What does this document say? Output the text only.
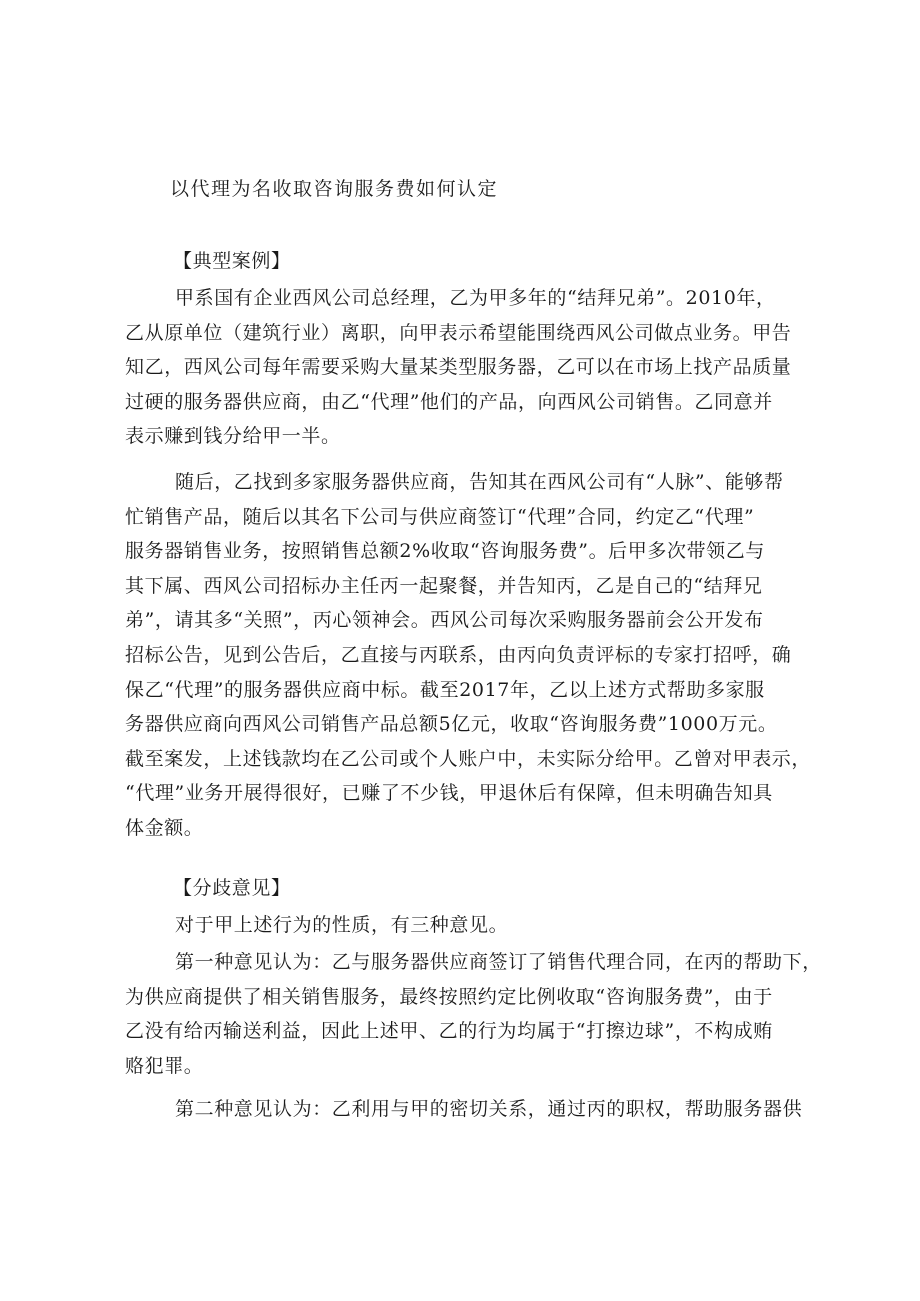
以代理为名收取咨询服务费如何认定
【典型案例】
甲系国有企业西风公司总经理，乙为甲多年的“结拜兄弟”。2010年，
乙从原单位（建筑行业）离职，向甲表示希望能围绕西风公司做点业务。甲告
知乙，西风公司每年需要采购大量某类型服务器，乙可以在市场上找产品质量
过硬的服务器供应商，由乙“代理”他们的产品，向西风公司销售。乙同意并
表示赚到钱分给甲一半。
随后，乙找到多家服务器供应商，告知其在西风公司有“人脉”、能够帮
忙销售产品，随后以其名下公司与供应商签订“代理”合同，约定乙“代理”
服务器销售业务，按照销售总额2%收取“咨询服务费”。后甲多次带领乙与
其下属、西风公司招标办主任丙一起聚餐，并告知丙，乙是自己的“结拜兄
弟”，请其多“关照”，丙心领神会。西风公司每次采购服务器前会公开发布
招标公告，见到公告后，乙直接与丙联系，由丙向负责评标的专家打招呼，确
保乙“代理”的服务器供应商中标。截至2017年，乙以上述方式帮助多家服
务器供应商向西风公司销售产品总额5亿元，收取“咨询服务费”1000万元。
截至案发，上述钱款均在乙公司或个人账户中，未实际分给甲。乙曾对甲表示，
“代理”业务开展得很好，已赚了不少钱，甲退休后有保障，但未明确告知具
体金额。
【分歧意见】
对于甲上述行为的性质，有三种意见。
第一种意见认为：乙与服务器供应商签订了销售代理合同，在丙的帮助下，
为供应商提供了相关销售服务，最终按照约定比例收取“咨询服务费”，由于
乙没有给丙输送利益，因此上述甲、乙的行为均属于“打擦边球”，不构成贿
赂犯罪。
第二种意见认为：乙利用与甲的密切关系，通过丙的职权，帮助服务器供
